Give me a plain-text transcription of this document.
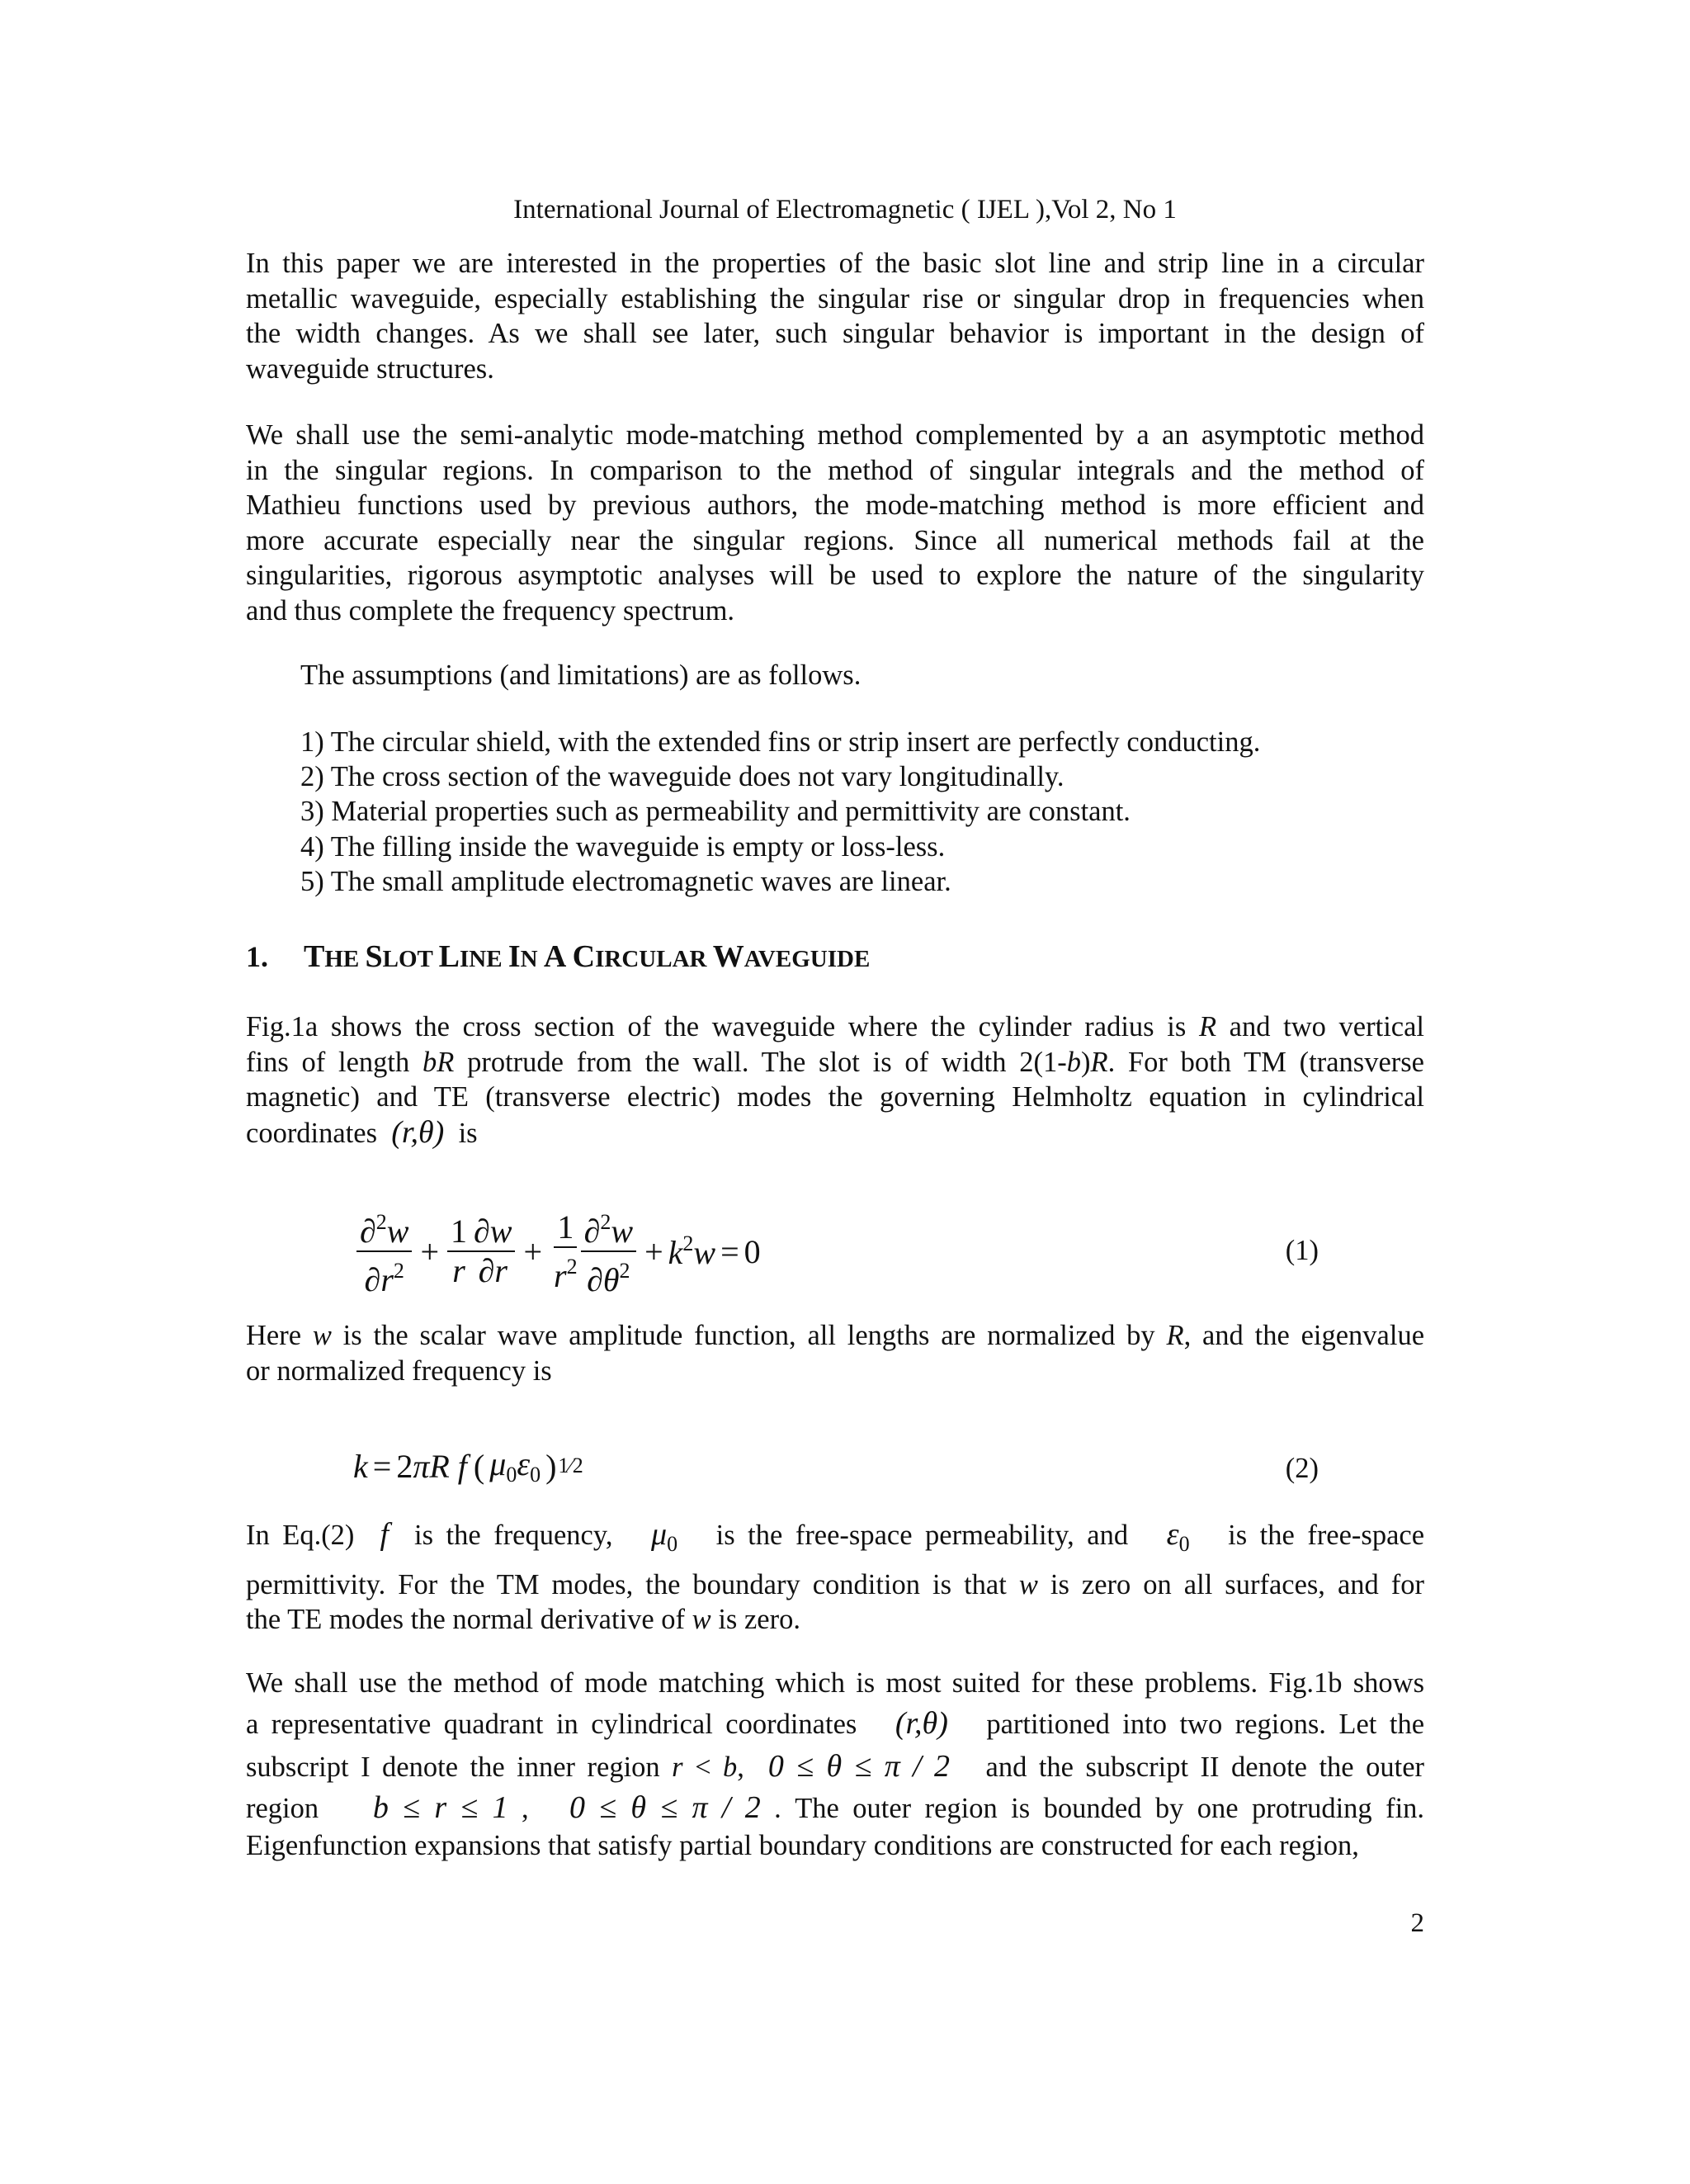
International Journal of Electromagnetic ( IJEL ),Vol 2, No 1
In this paper we are interested in the properties of the basic slot line and strip line in a circular
metallic waveguide, especially establishing the singular rise or singular drop in frequencies when
the width changes. As we shall see later, such singular behavior is important in the design of
waveguide structures.
We shall use the semi-analytic mode-matching method complemented by a an asymptotic method
in the singular regions. In comparison to the method of singular integrals and the method of
Mathieu functions used by previous authors, the mode-matching method is more efficient and
more accurate especially near the singular regions. Since all numerical methods fail at the
singularities, rigorous asymptotic analyses will be used to explore the nature of the singularity
and thus complete the frequency spectrum.

The assumptions (and limitations) are as follows.

1) The circular shield, with the extended fins or strip insert are perfectly conducting.
2) The cross section of the waveguide does not vary longitudinally.
3) Material properties such as permeability and permittivity are constant.
4) The filling inside the waveguide is empty or loss-less.
5) The small amplitude electromagnetic waves are linear.
1. THE SLOT LINE IN A CIRCULAR WAVEGUIDE
Fig.1a shows the cross section of the waveguide where the cylinder radius is R and two vertical
fins of length bR protrude from the wall. The slot is of width 2(1-b)R. For both TM (transverse
magnetic) and TE (transverse electric) modes the governing Helmholtz equation in cylindrical
coordinates (r,θ) is
$\frac{\partial^2w}{\partial r^2} + \frac{1}{r} \frac{\partial w}{\partial r} + \frac{1}{r^2} \frac{\partial^2w}{\partial\theta^2} + k^2w = 0$	(1)
Here w is the scalar wave amplitude function, all lengths are normalized by R, and the eigenvalue
or normalized frequency is
k = 2πR f ( $\mu_0\varepsilon_0$ ) 1⁄2	(2)
In Eq.(2) f is the frequency, $\mu_0$ is the free-space permeability, and $\varepsilon_0$ is the free-space
permittivity. For the TM modes, the boundary condition is that w is zero on all surfaces, and for
the TE modes the normal derivative of w is zero.
We shall use the method of mode matching which is most suited for these problems. Fig.1b shows
a representative quadrant in cylindrical coordinates (r,θ) partitioned into two regions. Let the
subscript I denote the inner region r < b, 0 ≤ θ ≤ π / 2 and the subscript II denote the outer
region b ≤ r ≤ 1 , 0 ≤ θ ≤ π / 2 . The outer region is bounded by one protruding fin.
Eigenfunction expansions that satisfy partial boundary conditions are constructed for each region,
2
